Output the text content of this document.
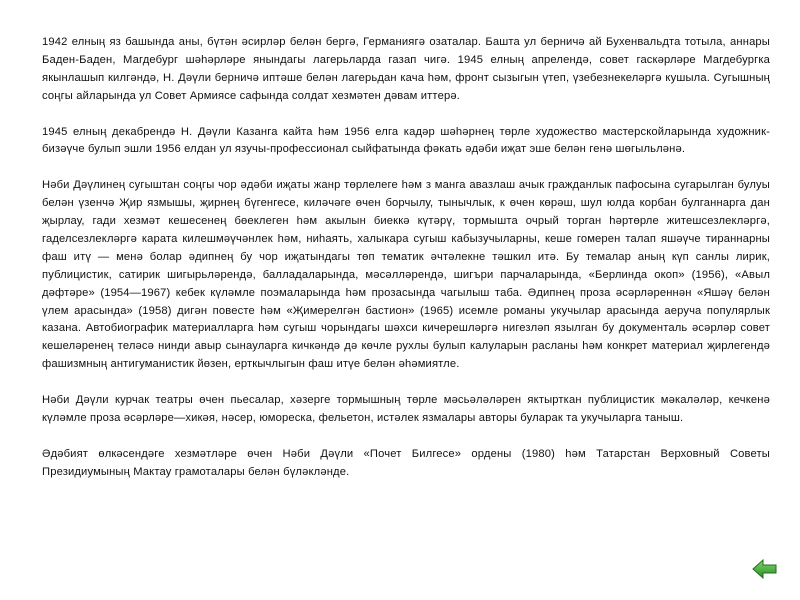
1942 елның яз башында аны, бүтән әсирләр белән бергә, Германиягә озаталар. Башта ул берничә ай Бухенвальдта тотыла, аннары Баден-Баден, Магдебург шәһәрләре янындагы лагерьларда газап чигә. 1945 елның апрелендә, совет гаскәрләре Магдебургка якынлашып килгәндә, Н. Дәүли берничә иптәше белән лагерьдан кача һәм, фронт сызыгын үтеп, үзебезнекеләргә кушыла. Сугышның соңгы айларында ул Совет Армиясе сафында солдат хезмәтен дәвам иттерә.

1945 елның декабрендә Н. Дәүли Казанга кайта һәм 1956 елга кадәр шәһәрнең төрле художество мастерскойларында художник-бизәүче булып эшли 1956 елдан ул язучы-профессионал сыйфатында фәкать әдәби иҗат эше белән генә шөгыльләнә.

Нәби Дәүлинең сугыштан соңгы чор әдәби иҗаты жанр төрлелеге һәм з манга авазлаш ачык гражданлык пафосына сугарылган булуы белән үзенчә Җир язмышы, җирнең бүгенгесе, киләчәге өчен борчылу, тынычлык, к өчен көрәш, шул юлда корбан булганнарга дан җырлау, гади хезмәт кешесенең бөеклеген һәм акылын биеккә күтәрү, тормышта очрый торган һәртөрле житешсезлекләргә, гаделсезлекләргә карата килешмәүчәнлек һәм, ниһаять, халыкара сугыш кабызучыларны, кеше гомерен талап яшәүче тираннарны фаш итү — менә болар әдипнең бу чор иҗатындагы төп тематик әчтәлекне тәшкил итә. Бу темалар аның күп санлы лирик, публицистик, сатирик шигырьләрендә, балладаларында, мәсәлләрендә, шигъри парчаларында, «Берлинда окоп» (1956), «Авыл дәфтәре» (1954—1967) кебек күләмле поэмаларында һәм прозасында чагылыш таба. Әдипнең проза әсәрләреннән «Яшәү белән үлем арасында» (1958) дигән повесте һәм «Җимерелгән бастион» (1965) исемле романы укучылар арасында аеруча популярлык казана. Автобиографик материалларга һәм сугыш чорындагы шәхси кичерешләргә нигезләп язылган бу документаль әсәрләр совет кешеләренең теләсә нинди авыр сынауларгa кичкәндә дә көчле рухлы булып калуларын расланы һәм конкрет материал җирлегендә фашизмның антигуманистик йөзен, ерткычлыгын фаш итүе белән әһәмиятле.

Нәби Дәүли курчак театры өчен пьесалар, хәзерге тормышның төрле мәсьәләләрен яктырткан публицистик мәкаләләр, кечкенә күләмле проза әсәрләре—хикәя, нәсер, юмореска, фельетон, истәлек язмалары авторы буларак та укучыларга таныш.

Әдәбият өлкәсендәге хезмәтләре өчен Нәби Дәүли «Почет Билгесе» ордены (1980) һәм Татарстан Верховный Советы Президиумының Мактау грамоталары белән бүләкләнде.
